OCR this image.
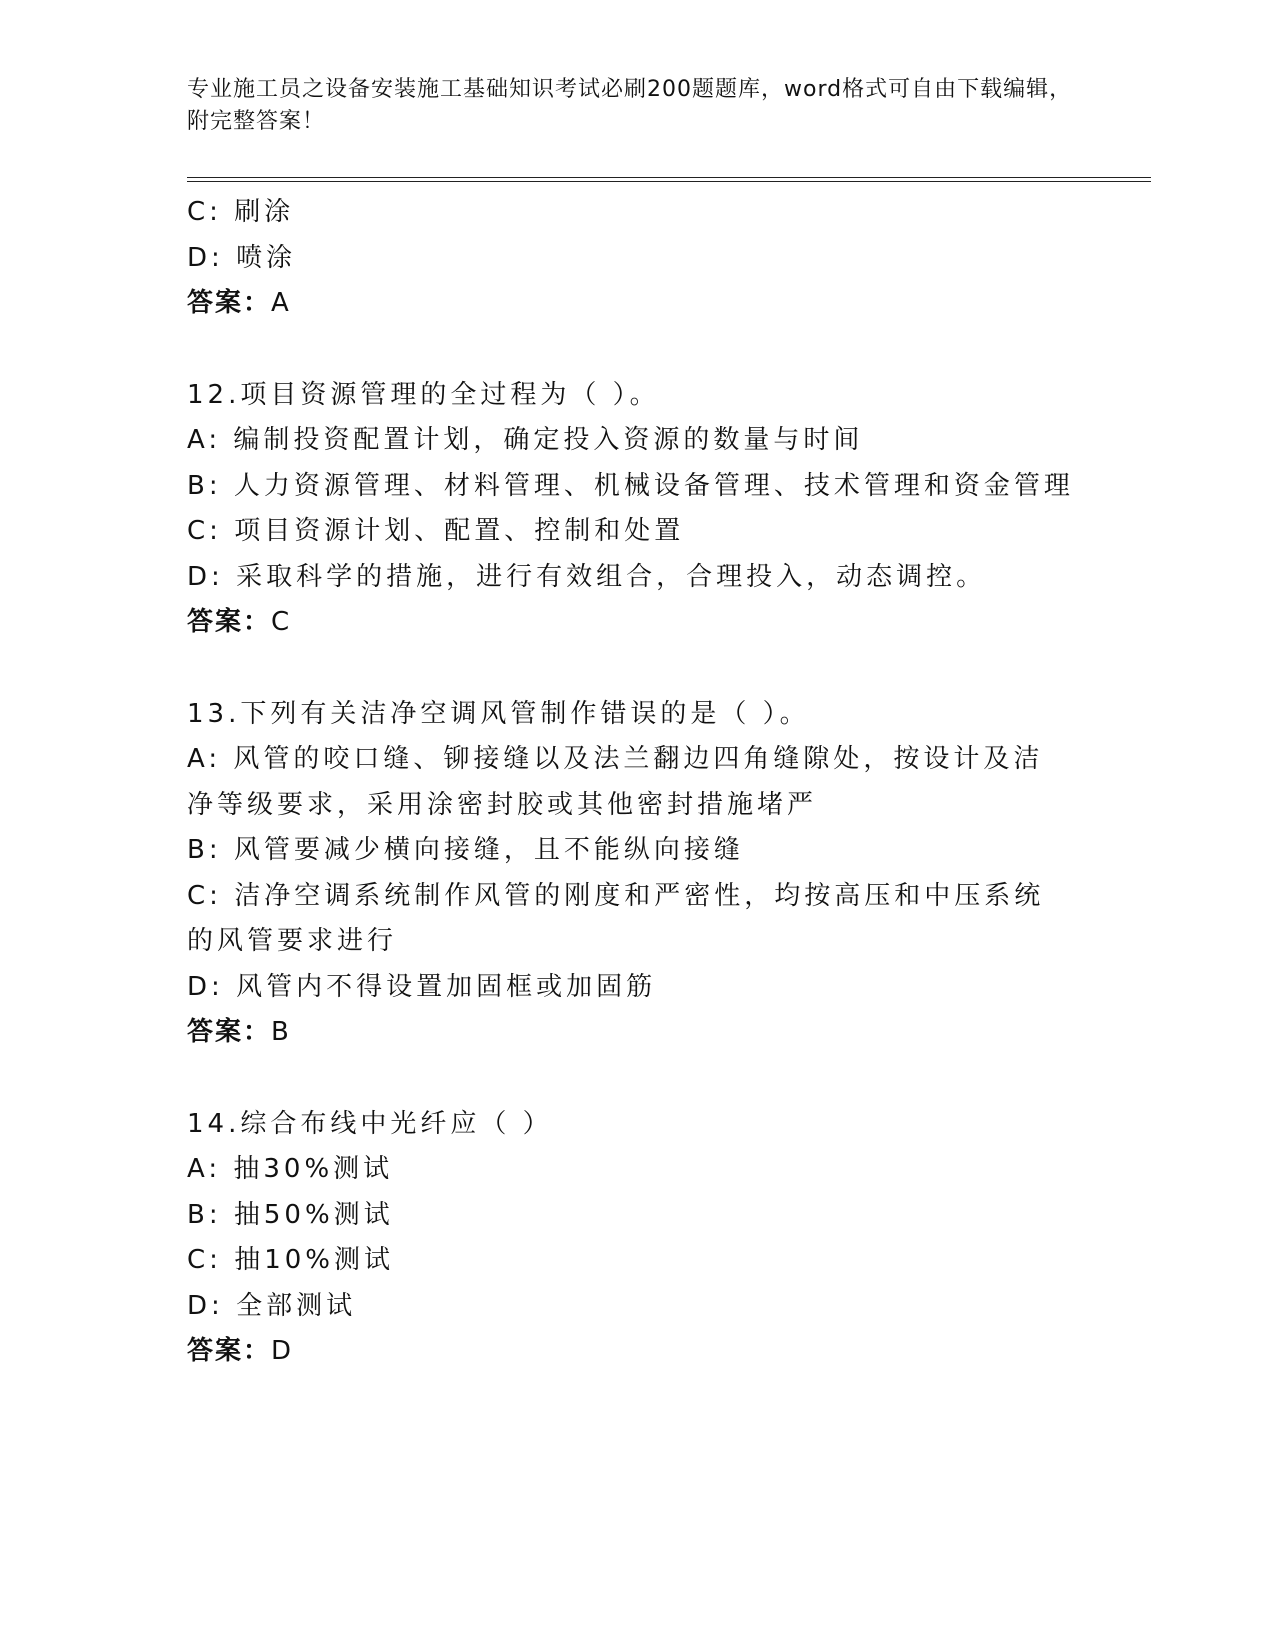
专业施工员之设备安装施工基础知识考试必刷200题题库，word格式可自由下载编辑，附完整答案！
C: 刷涂
D: 喷涂
答案：A
12.项目资源管理的全过程为（ ）。
A: 编制投资配置计划，确定投入资源的数量与时间
B: 人力资源管理、材料管理、机械设备管理、技术管理和资金管理
C: 项目资源计划、配置、控制和处置
D: 采取科学的措施，进行有效组合，合理投入，动态调控。
答案：C
13.下列有关洁净空调风管制作错误的是（ ）。
A: 风管的咬口缝、铆接缝以及法兰翻边四角缝隙处，按设计及洁净等级要求，采用涂密封胶或其他密封措施堵严
B: 风管要减少横向接缝，且不能纵向接缝
C: 洁净空调系统制作风管的刚度和严密性，均按高压和中压系统的风管要求进行
D: 风管内不得设置加固框或加固筋
答案：B
14.综合布线中光纤应（ ）
A: 抽30%测试
B: 抽50%测试
C: 抽10%测试
D: 全部测试
答案：D
